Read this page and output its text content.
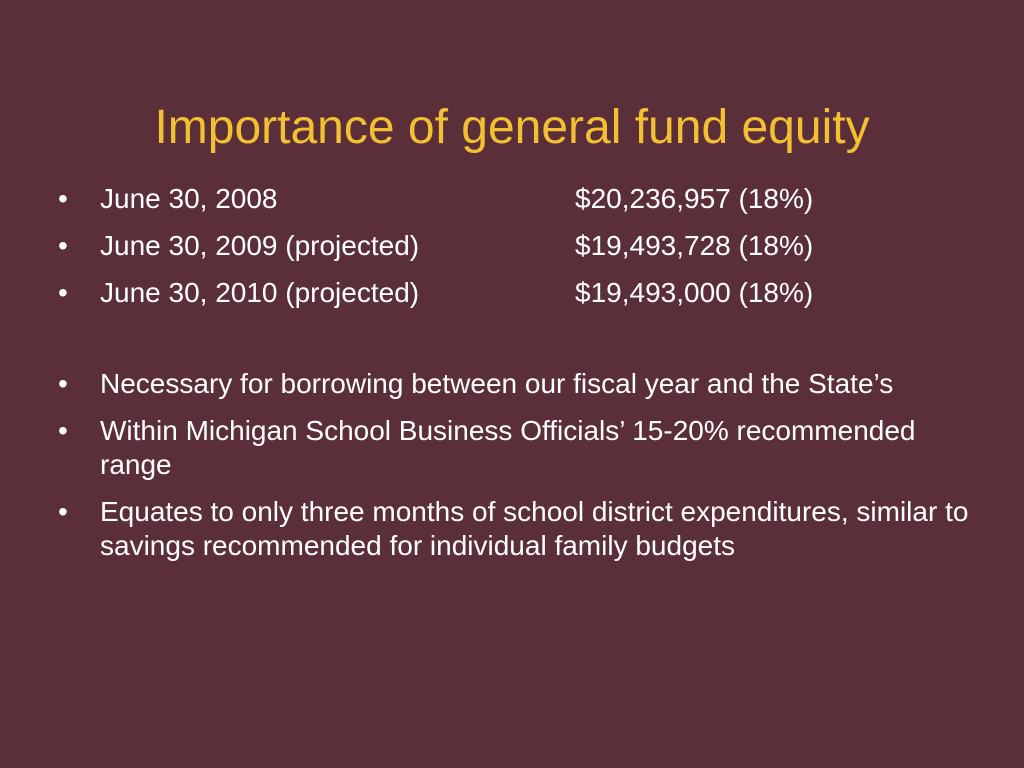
Importance of general fund equity
•	June 30, 2008	$20,236,957 (18%)
•	June 30, 2009 (projected)	$19,493,728 (18%)
•	June 30, 2010 (projected)	$19,493,000 (18%)
•	Necessary for borrowing between our fiscal year and the State’s
•	Within Michigan School Business Officials’ 15-20% recommended range
•	Equates to only three months of school district expenditures, similar to savings recommended for individual family budgets
